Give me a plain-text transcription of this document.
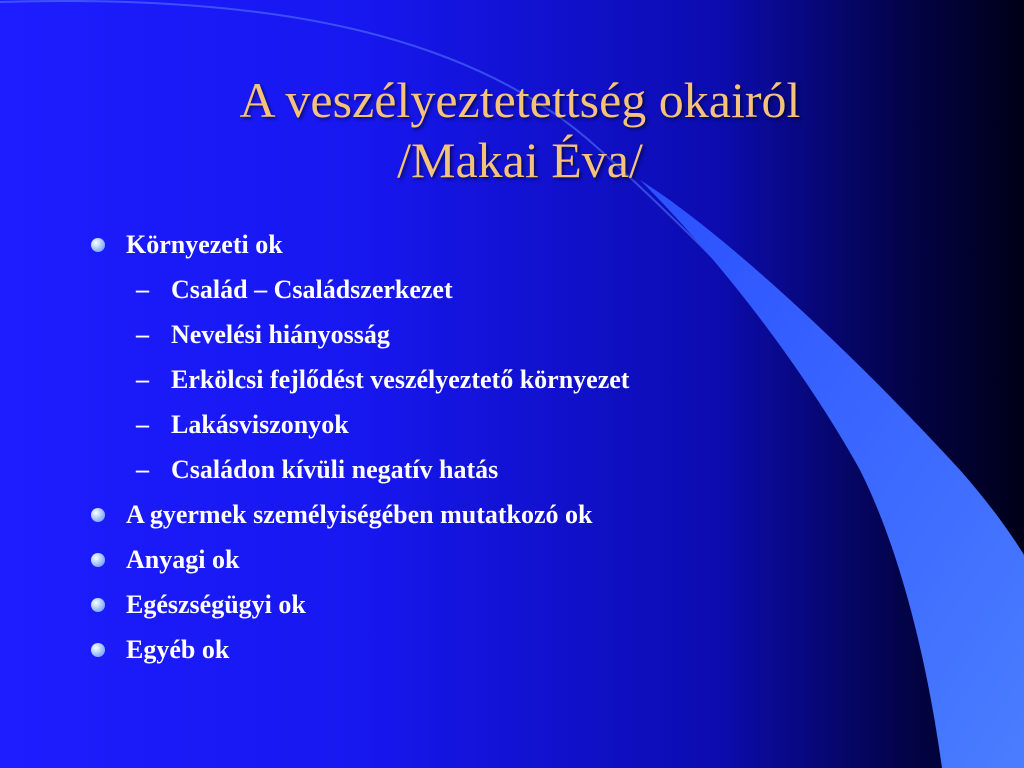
A veszélyeztetettség okairól
/Makai Éva/
Környezeti ok
– Család – Családszerkezet
– Nevelési hiányosság
– Erkölcsi fejlődést veszélyeztető környezet
– Lakásviszonyok
– Családon kívüli negatív hatás
A gyermek személyiségében mutatkozó ok
Anyagi ok
Egészségügyi ok
Egyéb ok
